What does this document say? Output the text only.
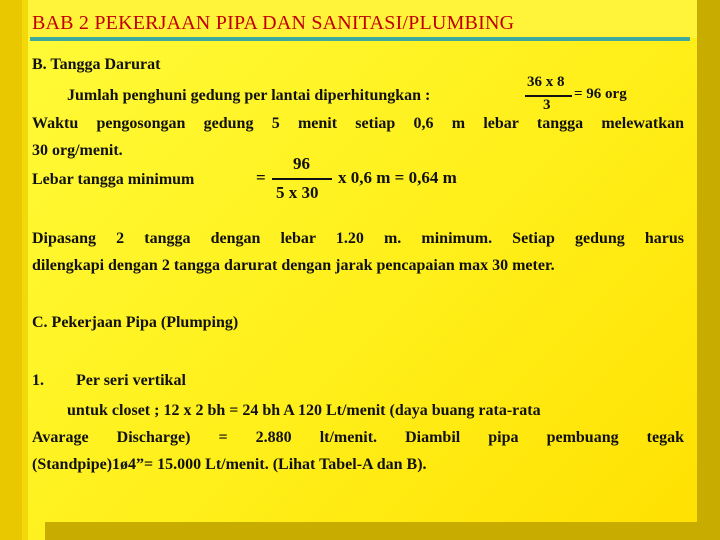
BAB 2 PEKERJAAN PIPA DAN SANITASI/PLUMBING
B. Tangga Darurat
Jumlah penghuni gedung per lantai diperhitungkan :
36 x 8
3
= 96 org
Waktu pengosongan gedung 5 menit setiap 0,6 m lebar tangga melewatkan
30 org/menit.
Lebar tangga minimum	=
96
5 x 30
x 0,6 m = 0,64 m
Dipasang 2 tangga dengan lebar 1.20 m. minimum. Setiap gedung harus
dilengkapi dengan 2 tangga darurat dengan jarak pencapaian max 30 meter.
C. Pekerjaan Pipa (Plumping)
1. Per seri vertikal
untuk closet ; 12 x 2 bh = 24 bh A 120 Lt/menit (daya buang rata-rata
Avarage Discharge) = 2.880 lt/menit. Diambil pipa pembuang tegak
(Standpipe)1ø4”= 15.000 Lt/menit. (Lihat Tabel-A dan B).
